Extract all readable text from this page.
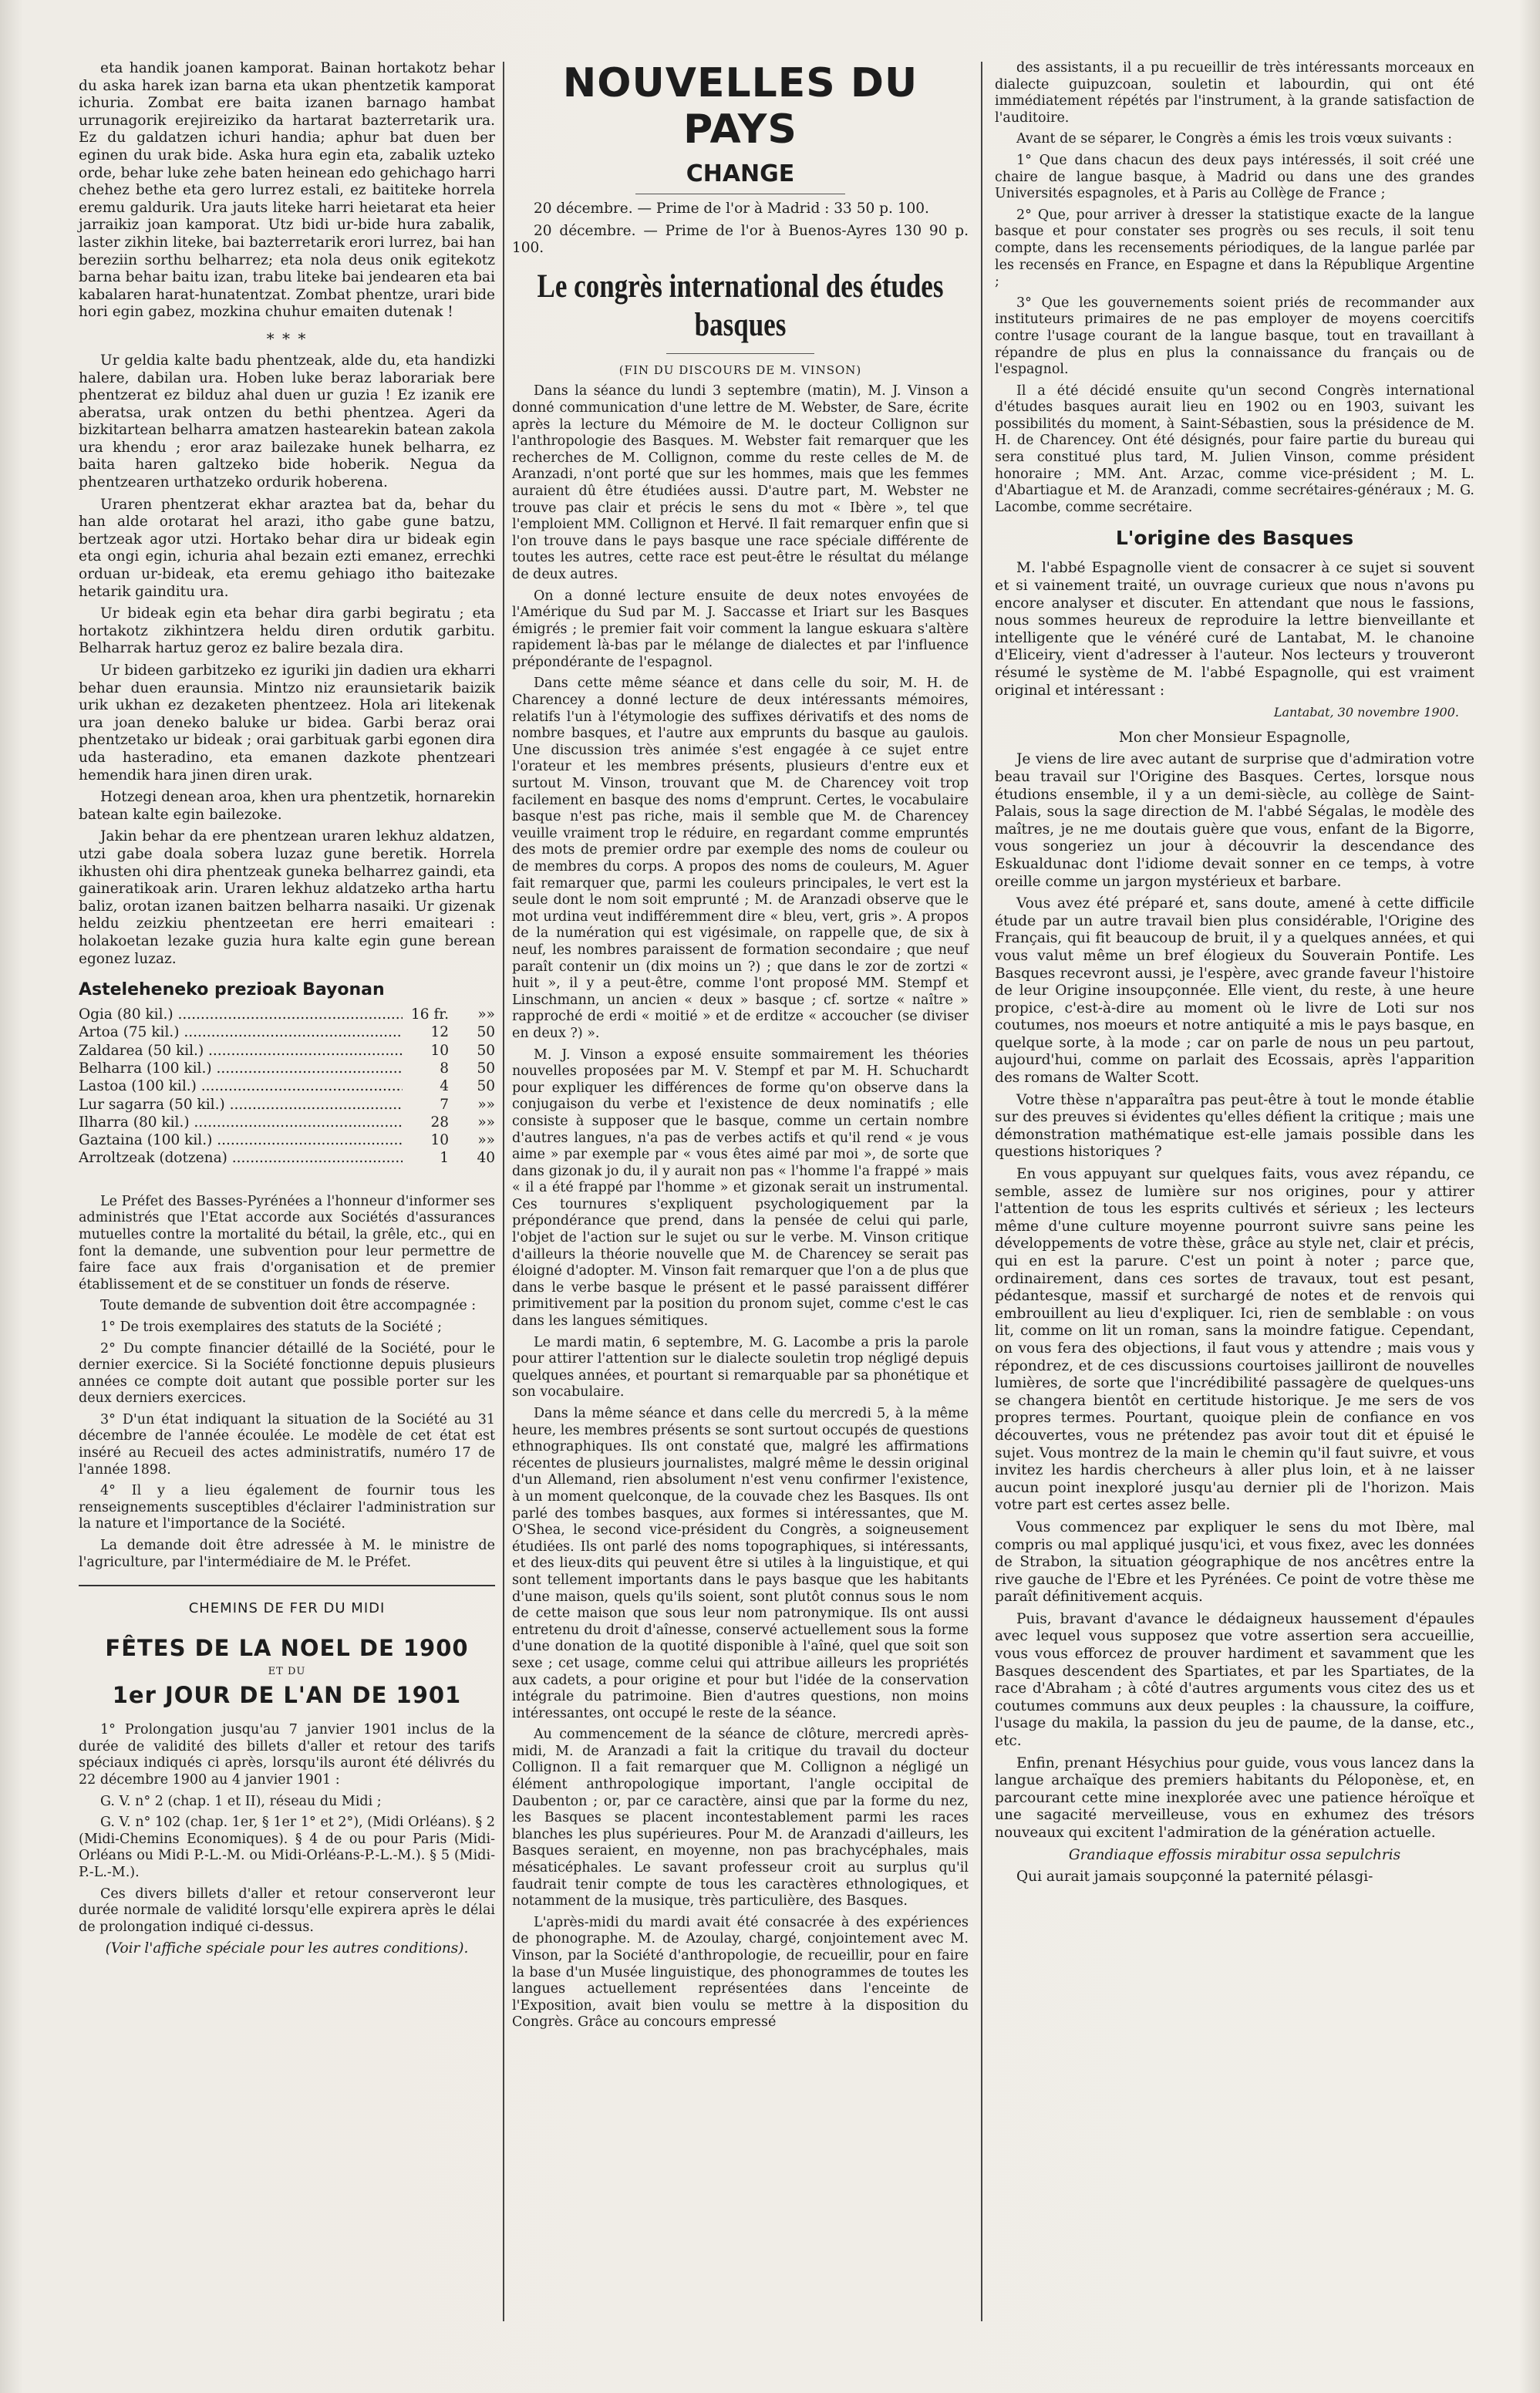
eta handik joanen kamporat. Bainan hortakotz behar du aska harek izan barna eta ukan phentzetik kamporat ichuria. Zombat ere baita izanen barnago hambat urrunagorik erejireiziko da hartarat bazterretarik ura. Ez du galdatzen ichuri handia; aphur bat duen ber eginen du urak bide. Aska hura egin eta, zabalik uzteko orde, behar luke zehe baten heinean edo gehichago harri chehez bethe eta gero lurrez estali, ez baititeke horrela eremu galdurik. Ura jauts liteke harri heietarat eta heier jarraikiz joan kamporat. Utz bidi ur-bide hura zabalik, laster zikhin liteke, bai bazterretarik erori lurrez, bai han bereziin sorthu belharrez; eta nola deus onik egitekotz barna behar baitu izan, trabu liteke bai jendearen eta bai kabalaren harat-hunatentzat. Zombat phentze, urari bide hori egin gabez, mozkina chuhur emaiten dutenak !

* * *

Ur geldia kalte badu phentzeak, alde du, eta handizki halere, dabilan ura. Hoben luke beraz laborariak bere phentzerat ez bilduz ahal duen ur guzia ! Ez izanik ere aberatsa, urak ontzen du bethi phentzea. Ageri da bizkitartean belharra amatzen hastearekin batean zakola ura khendu ; eror araz bailezake hunek belharra, ez baita haren galtzeko bide hoberik. Negua da phentzearen urthatzeko ordurik hoberena.

Uraren phentzerat ekhar araztea bat da, behar du han alde orotarat hel arazi, itho gabe gune batzu, bertzeak agor utzi. Hortako behar dira ur bideak egin eta ongi egin, ichuria ahal bezain ezti emanez, errechki orduan ur-bideak, eta eremu gehiago itho baitezake hetarik gainditu ura.

Ur bideak egin eta behar dira garbi begiratu ; eta hortakotz zikhintzera heldu diren ordutik garbitu. Belharrak hartuz geroz ez balire bezala dira.

Ur bideen garbitzeko ez iguriki jin dadien ura ekharri behar duen eraunsia. Mintzo niz eraunsietarik baizik urik ukhan ez dezaketen phentzeez. Hola ari litekenak ura joan deneko baluke ur bidea. Garbi beraz orai phentzetako ur bideak ; orai garbituak garbi egonen dira uda hasteradino, eta emanen dazkote phentzeari hemendik hara jinen diren urak.

Hotzegi denean aroa, khen ura phentzetik, hornarekin batean kalte egin bailezoke.

Jakin behar da ere phentzean uraren lekhuz aldatzen, utzi gabe doala sobera luzaz gune beretik. Horrela ikhusten ohi dira phentzeak guneka belharrez gaindi, eta gaineratikoak arin. Uraren lekhuz aldatzeko artha hartu baliz, orotan izanen baitzen belharra nasaiki. Ur gizenak heldu zeizkiu phentzeetan ere herri emaiteari : holakoetan lezake guzia hura kalte egin gune berean egonez luzaz.

Asteleheneko prezioak Bayonan
Ogia (80 kil.) .....	16 fr.	»»
Artoa (75 kil.) .....	12	50
Zaldarea (50 kil.) .....	10	50
Belharra (100 kil.) .....	8	50
Lastoa (100 kil.) .....	4	50
Lur sagarra (50 kil.) .....	7	»»
Ilharra (80 kil.) .....	28	»»
Gaztaina (100 kil.) .....	10	»»
Arroltzeak (dotzena) .....	1	40

Le Préfet des Basses-Pyrénées a l'honneur d'informer ses administrés que l'Etat accorde aux Sociétés d'assurances mutuelles contre la mortalité du bétail, la grêle, etc., qui en font la demande, une subvention pour leur permettre de faire face aux frais d'organisation et de premier établissement et de se constituer un fonds de réserve.

Toute demande de subvention doit être accompagnée :

1° De trois exemplaires des statuts de la Société ;

2° Du compte financier détaillé de la Société, pour le dernier exercice. Si la Société fonctionne depuis plusieurs années ce compte doit autant que possible porter sur les deux derniers exercices.

3° D'un état indiquant la situation de la Société au 31 décembre de l'année écoulée. Le modèle de cet état est inséré au Recueil des actes administratifs, numéro 17 de l'année 1898.

4° Il y a lieu également de fournir tous les renseignements susceptibles d'éclairer l'administration sur la nature et l'importance de la Société.

La demande doit être adressée à M. le ministre de l'agriculture, par l'intermédiaire de M. le Préfet.

CHEMINS DE FER DU MIDI
FÊTES DE LA NOEL DE 1900
ET DU
1er JOUR DE L'AN DE 1901

1° Prolongation jusqu'au 7 janvier 1901 inclus de la durée de validité des billets d'aller et retour des tarifs spéciaux indiqués ci après, lorsqu'ils auront été délivrés du 22 décembre 1900 au 4 janvier 1901 :

G. V. n° 2 (chap. 1 et II), réseau du Midi ;

G. V. n° 102 (chap. 1er, § 1er 1° et 2°), (Midi Orléans). § 2 (Midi-Chemins Economiques). § 4 de ou pour Paris (Midi-Orléans ou Midi P.-L.-M. ou Midi-Orléans-P.-L.-M.). § 5 (Midi-P.-L.-M.).

Ces divers billets d'aller et retour conserveront leur durée normale de validité lorsqu'elle expirera après le délai de prolongation indiqué ci-dessus.

(Voir l'affiche spéciale pour les autres conditions).

NOUVELLES DU PAYS
CHANGE

20 décembre. — Prime de l'or à Madrid : 33 50 p. 100.

20 décembre. — Prime de l'or à Buenos-Ayres 130 90 p. 100.

Le congrès international des études basques

(FIN DU DISCOURS DE M. VINSON)

Dans la séance du lundi 3 septembre (matin), M. J. Vinson a donné communication d'une lettre de M. Webster, de Sare, écrite après la lecture du Mémoire de M. le docteur Collignon sur l'anthropologie des Basques. M. Webster fait remarquer que les recherches de M. Collignon, comme du reste celles de M. de Aranzadi, n'ont porté que sur les hommes, mais que les femmes auraient dû être étudiées aussi. D'autre part, M. Webster ne trouve pas clair et précis le sens du mot « Ibère », tel que l'emploient MM. Collignon et Hervé. Il fait remarquer enfin que si l'on trouve dans le pays basque une race spéciale différente de toutes les autres, cette race est peut-être le résultat du mélange de deux autres.

On a donné lecture ensuite de deux notes envoyées de l'Amérique du Sud par M. J. Saccasse et Iriart sur les Basques émigrés ; le premier fait voir comment la langue eskuara s'altère rapidement là-bas par le mélange de dialectes et par l'influence prépondérante de l'espagnol.

Dans cette même séance et dans celle du soir, M. H. de Charencey a donné lecture de deux intéressants mémoires, relatifs l'un à l'étymologie des suffixes dérivatifs et des noms de nombre basques, et l'autre aux emprunts du basque au gaulois. Une discussion très animée s'est engagée à ce sujet entre l'orateur et les membres présents, plusieurs d'entre eux et surtout M. Vinson, trouvant que M. de Charencey voit trop facilement en basque des noms d'emprunt. Certes, le vocabulaire basque n'est pas riche, mais il semble que M. de Charencey veuille vraiment trop le réduire, en regardant comme empruntés des mots de premier ordre par exemple des noms de couleur ou de membres du corps. A propos des noms de couleurs, M. Aguer fait remarquer que, parmi les couleurs principales, le vert est la seule dont le nom soit emprunté ; M. de Aranzadi observe que le mot urdina veut indifféremment dire « bleu, vert, gris ». A propos de la numération qui est vigésimale, on rappelle que, de six à neuf, les nombres paraissent de formation secondaire ; que neuf paraît contenir un (dix moins un ?) ; que dans le zor de zortzi « huit », il y a peut-être, comme l'ont proposé MM. Stempf et Linschmann, un ancien « deux » basque ; cf. sortze « naître » rapproché de erdi « moitié » et de erditze « accoucher (se diviser en deux ?) ».

M. J. Vinson a exposé ensuite sommairement les théories nouvelles proposées par M. V. Stempf et par M. H. Schuchardt pour expliquer les différences de forme qu'on observe dans la conjugaison du verbe et l'existence de deux nominatifs ; elle consiste à supposer que le basque, comme un certain nombre d'autres langues, n'a pas de verbes actifs et qu'il rend « je vous aime » par exemple par « vous êtes aimé par moi », de sorte que dans gizonak jo du, il y aurait non pas « l'homme l'a frappé » mais « il a été frappé par l'homme » et gizonak serait un instrumental. Ces tournures s'expliquent psychologiquement par la prépondérance que prend, dans la pensée de celui qui parle, l'objet de l'action sur le sujet ou sur le verbe. M. Vinson critique d'ailleurs la théorie nouvelle que M. de Charencey se serait pas éloigné d'adopter. M. Vinson fait remarquer que l'on a de plus que dans le verbe basque le présent et le passé paraissent différer primitivement par la position du pronom sujet, comme c'est le cas dans les langues sémitiques.

Le mardi matin, 6 septembre, M. G. Lacombe a pris la parole pour attirer l'attention sur le dialecte souletin trop négligé depuis quelques années, et pourtant si remarquable par sa phonétique et son vocabulaire.

Dans la même séance et dans celle du mercredi 5, à la même heure, les membres présents se sont surtout occupés de questions ethnographiques. Ils ont constaté que, malgré les affirmations récentes de plusieurs journalistes, malgré même le dessin original d'un Allemand, rien absolument n'est venu confirmer l'existence, à un moment quelconque, de la couvade chez les Basques. Ils ont parlé des tombes basques, aux formes si intéressantes, que M. O'Shea, le second vice-président du Congrès, a soigneusement étudiées. Ils ont parlé des noms topographiques, si intéressants, et des lieux-dits qui peuvent être si utiles à la linguistique, et qui sont tellement importants dans le pays basque que les habitants d'une maison, quels qu'ils soient, sont plutôt connus sous le nom de cette maison que sous leur nom patronymique. Ils ont aussi entretenu du droit d'aînesse, conservé actuellement sous la forme d'une donation de la quotité disponible à l'aîné, quel que soit son sexe ; cet usage, comme celui qui attribue ailleurs les propriétés aux cadets, a pour origine et pour but l'idée de la conservation intégrale du patrimoine. Bien d'autres questions, non moins intéressantes, ont occupé le reste de la séance.

Au commencement de la séance de clôture, mercredi après-midi, M. de Aranzadi a fait la critique du travail du docteur Collignon. Il a fait remarquer que M. Collignon a négligé un élément anthropologique important, l'angle occipital de Daubenton ; or, par ce caractère, ainsi que par la forme du nez, les Basques se placent incontestablement parmi les races blanches les plus supérieures. Pour M. de Aranzadi d'ailleurs, les Basques seraient, en moyenne, non pas brachycéphales, mais mésaticéphales. Le savant professeur croit au surplus qu'il faudrait tenir compte de tous les caractères ethnologiques, et notamment de la musique, très particulière, des Basques.

L'après-midi du mardi avait été consacrée à des expériences de phonographe. M. de Azoulay, chargé, conjointement avec M. Vinson, par la Société d'anthropologie, de recueillir, pour en faire la base d'un Musée linguistique, des phonogrammes de toutes les langues actuellement représentées dans l'enceinte de l'Exposition, avait bien voulu se mettre à la disposition du Congrès. Grâce au concours empressé

des assistants, il a pu recueillir de très intéressants morceaux en dialecte guipuzcoan, souletin et labourdin, qui ont été immédiatement répétés par l'instrument, à la grande satisfaction de l'auditoire.

Avant de se séparer, le Congrès a émis les trois vœux suivants :

1° Que dans chacun des deux pays intéressés, il soit créé une chaire de langue basque, à Madrid ou dans une des grandes Universités espagnoles, et à Paris au Collège de France ;

2° Que, pour arriver à dresser la statistique exacte de la langue basque et pour constater ses progrès ou ses reculs, il soit tenu compte, dans les recensements périodiques, de la langue parlée par les recensés en France, en Espagne et dans la République Argentine ;

3° Que les gouvernements soient priés de recommander aux instituteurs primaires de ne pas employer de moyens coercitifs contre l'usage courant de la langue basque, tout en travaillant à répandre de plus en plus la connaissance du français ou de l'espagnol.

Il a été décidé ensuite qu'un second Congrès international d'études basques aurait lieu en 1902 ou en 1903, suivant les possibilités du moment, à Saint-Sébastien, sous la présidence de M. H. de Charencey. Ont été désignés, pour faire partie du bureau qui sera constitué plus tard, M. Julien Vinson, comme président honoraire ; MM. Ant. Arzac, comme vice-président ; M. L. d'Abartiague et M. de Aranzadi, comme secrétaires-généraux ; M. G. Lacombe, comme secrétaire.

L'origine des Basques

M. l'abbé Espagnolle vient de consacrer à ce sujet si souvent et si vainement traité, un ouvrage curieux que nous n'avons pu encore analyser et discuter. En attendant que nous le fassions, nous sommes heureux de reproduire la lettre bienveillante et intelligente que le vénéré curé de Lantabat, M. le chanoine d'Eliceiry, vient d'adresser à l'auteur. Nos lecteurs y trouveront résumé le système de M. l'abbé Espagnolle, qui est vraiment original et intéressant :

Lantabat, 30 novembre 1900.

Mon cher Monsieur Espagnolle,

Je viens de lire avec autant de surprise que d'admiration votre beau travail sur l'Origine des Basques. Certes, lorsque nous étudions ensemble, il y a un demi-siècle, au collège de Saint-Palais, sous la sage direction de M. l'abbé Ségalas, le modèle des maîtres, je ne me doutais guère que vous, enfant de la Bigorre, vous songeriez un jour à découvrir la descendance des Eskualdunac dont l'idiome devait sonner en ce temps, à votre oreille comme un jargon mystérieux et barbare.

Vous avez été préparé et, sans doute, amené à cette difficile étude par un autre travail bien plus considérable, l'Origine des Français, qui fit beaucoup de bruit, il y a quelques années, et qui vous valut même un bref élogieux du Souverain Pontife. Les Basques recevront aussi, je l'espère, avec grande faveur l'histoire de leur Origine insoupçonnée. Elle vient, du reste, à une heure propice, c'est-à-dire au moment où le livre de Loti sur nos coutumes, nos moeurs et notre antiquité a mis le pays basque, en quelque sorte, à la mode ; car on parle de nous un peu partout, aujourd'hui, comme on parlait des Ecossais, après l'apparition des romans de Walter Scott.

Votre thèse n'apparaîtra pas peut-être à tout le monde établie sur des preuves si évidentes qu'elles défient la critique ; mais une démonstration mathématique est-elle jamais possible dans les questions historiques ?

En vous appuyant sur quelques faits, vous avez répandu, ce semble, assez de lumière sur nos origines, pour y attirer l'attention de tous les esprits cultivés et sérieux ; les lecteurs même d'une culture moyenne pourront suivre sans peine les développements de votre thèse, grâce au style net, clair et précis, qui en est la parure. C'est un point à noter ; parce que, ordinairement, dans ces sortes de travaux, tout est pesant, pédantesque, massif et surchargé de notes et de renvois qui embrouillent au lieu d'expliquer. Ici, rien de semblable : on vous lit, comme on lit un roman, sans la moindre fatigue. Cependant, on vous fera des objections, il faut vous y attendre ; mais vous y répondrez, et de ces discussions courtoises jailliront de nouvelles lumières, de sorte que l'incrédibilité passagère de quelques-uns se changera bientôt en certitude historique. Je me sers de vos propres termes. Pourtant, quoique plein de confiance en vos découvertes, vous ne prétendez pas avoir tout dit et épuisé le sujet. Vous montrez de la main le chemin qu'il faut suivre, et vous invitez les hardis chercheurs à aller plus loin, et à ne laisser aucun point inexploré jusqu'au dernier pli de l'horizon. Mais votre part est certes assez belle.

Vous commencez par expliquer le sens du mot Ibère, mal compris ou mal appliqué jusqu'ici, et vous fixez, avec les données de Strabon, la situation géographique de nos ancêtres entre la rive gauche de l'Ebre et les Pyrénées. Ce point de votre thèse me paraît définitivement acquis.

Puis, bravant d'avance le dédaigneux haussement d'épaules avec lequel vous supposez que votre assertion sera accueillie, vous vous efforcez de prouver hardiment et savamment que les Basques descendent des Spartiates, et par les Spartiates, de la race d'Abraham ; à côté d'autres arguments vous citez des us et coutumes communs aux deux peuples : la chaussure, la coiffure, l'usage du makila, la passion du jeu de paume, de la danse, etc., etc.

Enfin, prenant Hésychius pour guide, vous vous lancez dans la langue archaïque des premiers habitants du Péloponèse, et, en parcourant cette mine inexplorée avec une patience héroïque et une sagacité merveilleuse, vous en exhumez des trésors nouveaux qui excitent l'admiration de la génération actuelle.

Grandiaque effossis mirabitur ossa sepulchris

Qui aurait jamais soupçonné la paternité pélasgi-
